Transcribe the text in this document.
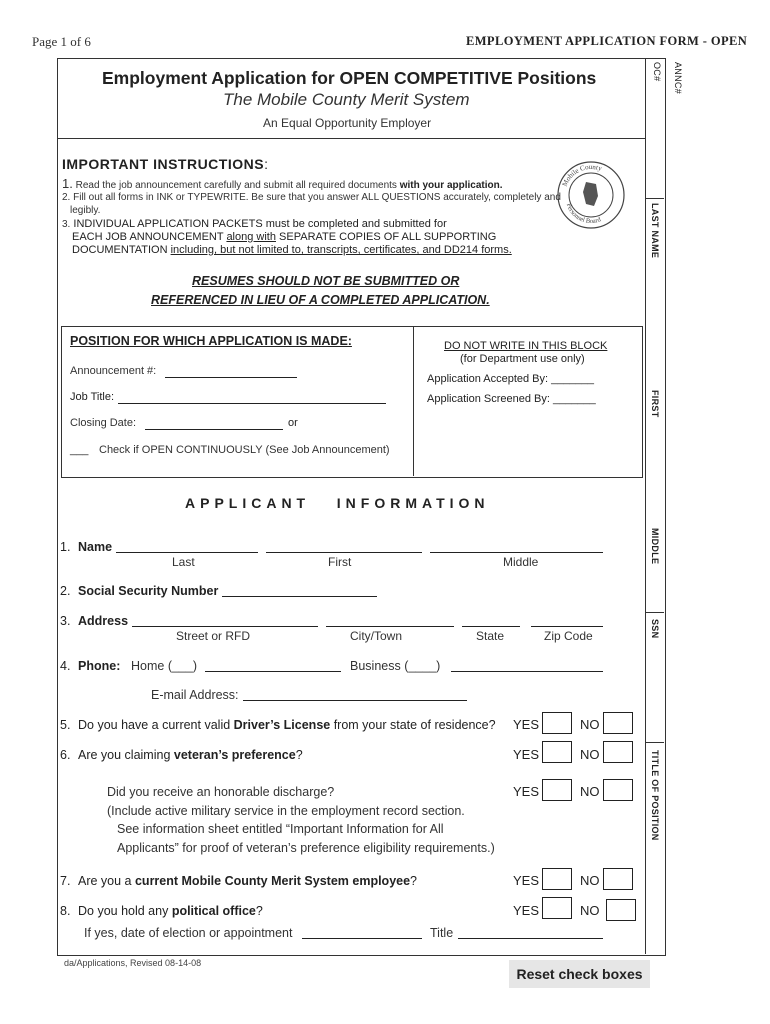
Page 1 of 6	EMPLOYMENT APPLICATION FORM - OPEN
ANNC#
OC#
LAST NAME
FIRST
MIDDLE
SSN
TITLE OF POSITION
Employment Application for OPEN COMPETITIVE Positions
The Mobile County Merit System
An Equal Opportunity Employer
Mobile County
Personnel Board
IMPORTANT INSTRUCTIONS:
1. Read the job announcement carefully and submit all required documents with your application.
2. Fill out all forms in INK or TYPEWRITE. Be sure that you answer ALL QUESTIONS accurately, completely and
legibly.
3. INDIVIDUAL APPLICATION PACKETS must be completed and submitted for
EACH JOB ANNOUNCEMENT along with SEPARATE COPIES OF ALL SUPPORTING
DOCUMENTATION including, but not limited to, transcripts, certificates, and DD214 forms.
RESUMES SHOULD NOT BE SUBMITTED OR
REFERENCED IN LIEU OF A COMPLETED APPLICATION.
POSITION FOR WHICH APPLICATION IS MADE:
Announcement #:
Job Title:
Closing Date:	or
___ Check if OPEN CONTINUOUSLY (See Job Announcement)
DO NOT WRITE IN THIS BLOCK
(for Department use only)
Application Accepted By: _______
Application Screened By: _______
APPLICANT   INFORMATION
1. Name
Last	First	Middle
2. Social Security Number
3. Address
Street or RFD	City/Town	State	Zip Code
4. Phone: Home (___)	Business (____)
E-mail Address:
5. Do you have a current valid Driver’s License from your state of residence? YES	NO
6. Are you claiming veteran’s preference?	YES	NO
Did you receive an honorable discharge?	YES	NO
(Include active military service in the employment record section.
See information sheet entitled “Important Information for All
Applicants” for proof of veteran’s preference eligibility requirements.)
7. Are you a current Mobile County Merit System employee?	YES	NO
8. Do you hold any political office?	YES	NO
If yes, date of election or appointment	Title
da/Applications, Revised 08-14-08
Reset check boxes
